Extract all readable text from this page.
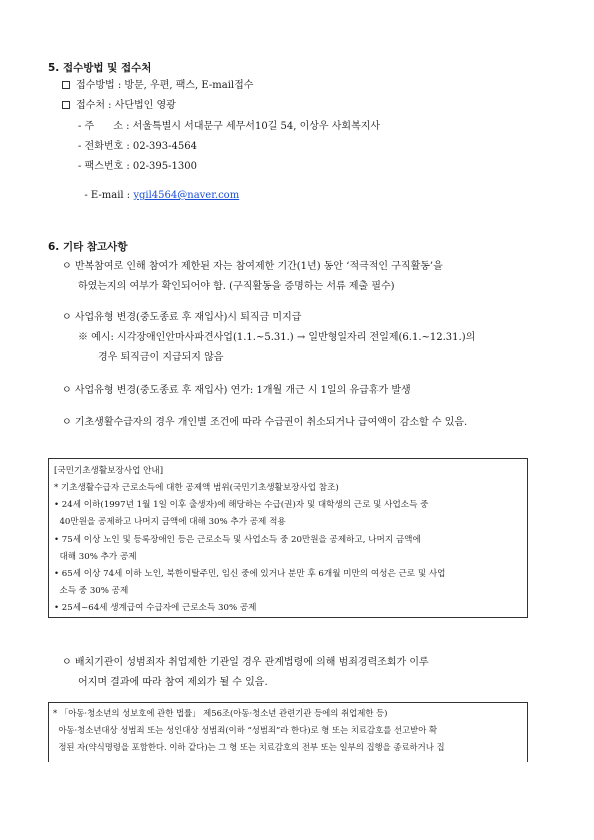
5. 접수방법 및 접수처
접수방법 : 방문, 우편, 팩스, E-mail접수
접수처 : 사단법인 영광
- 주      소 : 서울특별시 서대문구 세무서10길 54, 이상우 사회복지사
- 전화번호 : 02-393-4564
- 팩스번호 : 02-395-1300

- E-mail : ygil4564@naver.com

6. 기타 참고사항
ㅇ 반복참여로 인해 참여가 제한된 자는 참여제한 기간(1년) 동안 ‘적극적인 구직활동’을
하였는지의 여부가 확인되어야 함. (구직활동을 증명하는 서류 제출 필수)
ㅇ 사업유형 변경(중도종료 후 재입사)시 퇴직금 미지급
※ 예시: 시각장애인안마사파견사업(1.1.~5.31.) → 일반형일자리 전일제(6.1.~12.31.)의
경우 퇴직금이 지급되지 않음
ㅇ 사업유형 변경(중도종료 후 재입사) 연가: 1개월 개근 시 1일의 유급휴가 발생
ㅇ 기초생활수급자의 경우 개인별 조건에 따라 수급권이 취소되거나 급여액이 감소할 수 있음.
[국민기초생활보장사업 안내]
* 기초생활수급자 근로소득에 대한 공제액 범위(국민기초생활보장사업 참조)
• 24세 이하(1997년 1월 1일 이후 출생자)에 해당하는 수급(권)자 및 대학생의 근로 및 사업소득 중
40만원을 공제하고 나머지 금액에 대해 30% 추가 공제 적용
• 75세 이상 노인 및 등록장애인 등은 근로소득 및 사업소득 중 20만원을 공제하고, 나머지 금액에
대해 30% 추가 공제
• 65세 이상 74세 이하 노인, 북한이탈주민, 임신 중에 있거나 분만 후 6개월 미만의 여성은 근로 및 사업
소득 중 30% 공제
• 25세~64세 생계급여 수급자에 근로소득 30% 공제
ㅇ 배치기관이 성범죄자 취업제한 기관일 경우 관계법령에 의해 범죄경력조회가 이루
어지며 결과에 따라 참여 제외가 될 수 있음.
* 「아동·청소년의 성보호에 관한 법률」 제56조(아동·청소년 관련기관 등에의 취업제한 등)
아동·청소년대상 성범죄 또는 성인대상 성범죄(이하 “성범죄”라 한다)로 형 또는 치료감호를 선고받아 확
정된 자(약식명령을 포함한다. 이하 같다)는 그 형 또는 치료감호의 전부 또는 일부의 집행을 종료하거나 집
